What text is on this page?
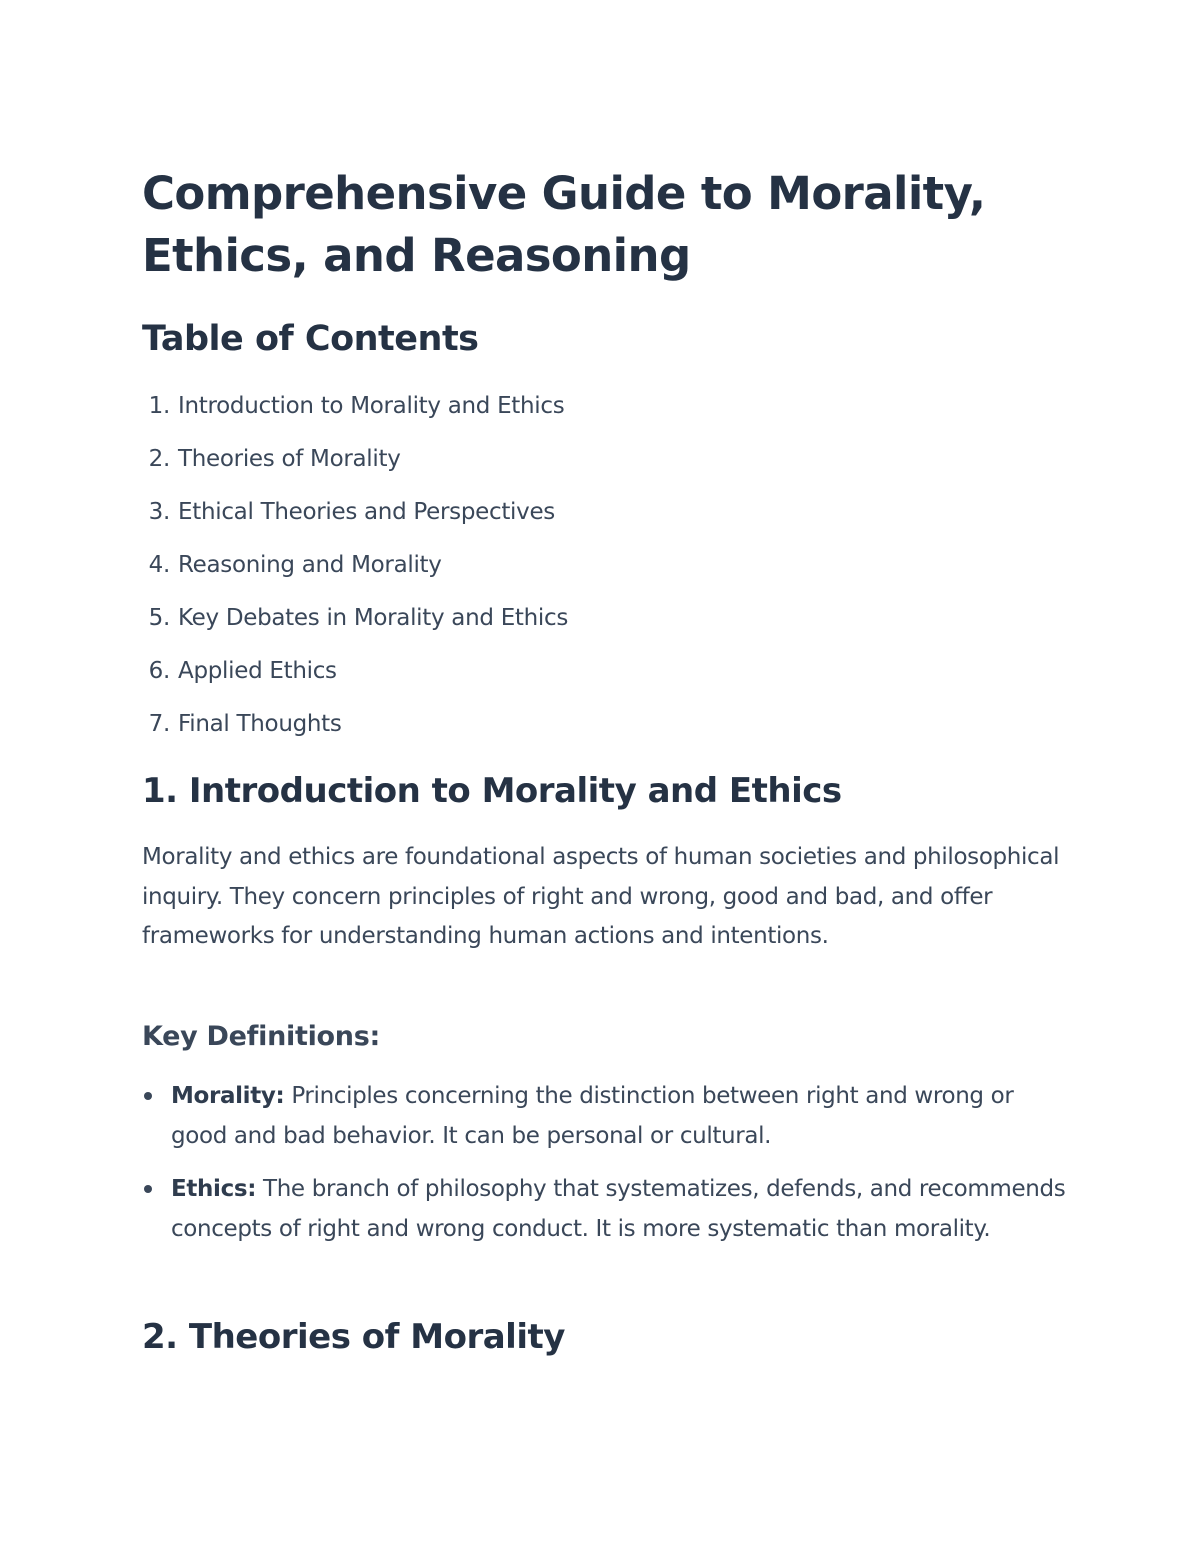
Comprehensive Guide to Morality, Ethics, and Reasoning
Table of Contents
1. Introduction to Morality and Ethics
2. Theories of Morality
3. Ethical Theories and Perspectives
4. Reasoning and Morality
5. Key Debates in Morality and Ethics
6. Applied Ethics
7. Final Thoughts
1. Introduction to Morality and Ethics

Morality and ethics are foundational aspects of human societies and philosophical inquiry. They concern principles of right and wrong, good and bad, and offer frameworks for understanding human actions and intentions.

Key Definitions:
Morality: Principles concerning the distinction between right and wrong or good and bad behavior. It can be personal or cultural.
Ethics: The branch of philosophy that systematizes, defends, and recommends concepts of right and wrong conduct. It is more systematic than morality.
2. Theories of Morality
